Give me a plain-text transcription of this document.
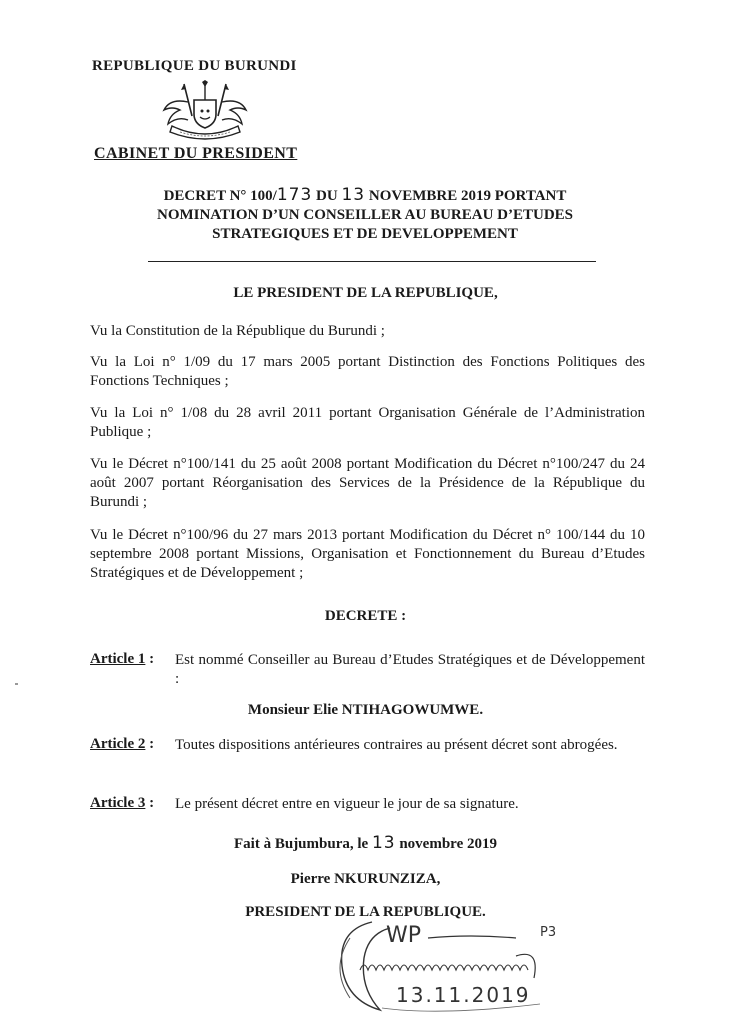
REPUBLIQUE DU BURUNDI
CABINET DU PRESIDENT
DECRET N° 100/173 DU 13 NOVEMBRE 2019 PORTANT
NOMINATION D’UN CONSEILLER AU BUREAU D’ETUDES
STRATEGIQUES ET DE DEVELOPPEMENT
LE PRESIDENT DE LA REPUBLIQUE,
Vu la Constitution de la République du Burundi ;
Vu la Loi n° 1/09 du 17 mars 2005 portant Distinction des Fonctions Politiques des Fonctions Techniques ;
Vu la Loi n° 1/08 du 28 avril 2011 portant Organisation Générale de l’Administration Publique ;
Vu le Décret n°100/141 du 25 août 2008 portant Modification du Décret n°100/247 du 24 août 2007 portant Réorganisation des Services de la Présidence de la République du Burundi ;
Vu le Décret n°100/96 du 27 mars 2013 portant Modification du Décret n° 100/144 du 10 septembre 2008 portant Missions, Organisation et Fonctionnement du Bureau d’Etudes Stratégiques et de Développement ;
DECRETE :
Article 1 : Est nommé Conseiller au Bureau d’Etudes Stratégiques et de Développement :
Monsieur Elie NTIHAGOWUMWE.
Article 2 : Toutes dispositions antérieures contraires au présent décret sont abrogées.
Article 3 : Le présent décret entre en vigueur le jour de sa signature.
Fait à Bujumbura, le 13 novembre 2019
Pierre NKURUNZIZA,
PRESIDENT DE LA REPUBLIQUE.
WP	P3
13.11.2019
